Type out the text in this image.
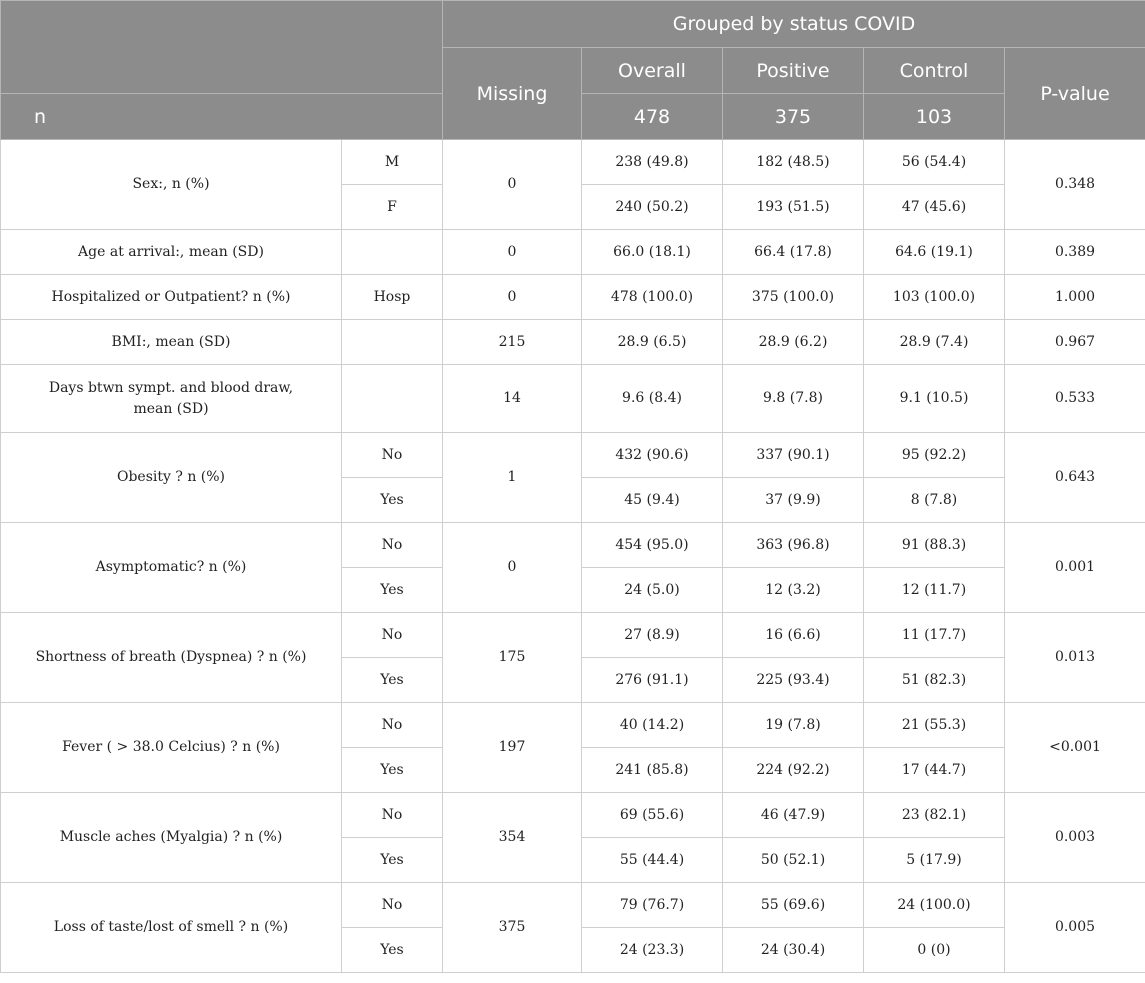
		Grouped by status COVID				
		Missing	Overall	Positive	Control	P-value
n			478	375	103	
Sex:, n (%)	M	0	238 (49.8)	182 (48.5)	56 (54.4)	0.348
	F		240 (50.2)	193 (51.5)	47 (45.6)	
Age at arrival:, mean (SD)		0	66.0 (18.1)	66.4 (17.8)	64.6 (19.1)	0.389
Hospitalized or Outpatient? n (%)	Hosp	0	478 (100.0)	375 (100.0)	103 (100.0)	1.000
BMI:, mean (SD)		215	28.9 (6.5)	28.9 (6.2)	28.9 (7.4)	0.967
Days btwn sympt. and blood draw, mean (SD)		14	9.6 (8.4)	9.8 (7.8)	9.1 (10.5)	0.533
Obesity ? n (%)	No	1	432 (90.6)	337 (90.1)	95 (92.2)	0.643
	Yes		45 (9.4)	37 (9.9)	8 (7.8)	
Asymptomatic? n (%)	No	0	454 (95.0)	363 (96.8)	91 (88.3)	0.001
	Yes		24 (5.0)	12 (3.2)	12 (11.7)	
Shortness of breath (Dyspnea) ? n (%)	No	175	27 (8.9)	16 (6.6)	11 (17.7)	0.013
	Yes		276 (91.1)	225 (93.4)	51 (82.3)	
Fever ( > 38.0 Celcius) ? n (%)	No	197	40 (14.2)	19 (7.8)	21 (55.3)	<0.001
	Yes		241 (85.8)	224 (92.2)	17 (44.7)	
Muscle aches (Myalgia) ? n (%)	No	354	69 (55.6)	46 (47.9)	23 (82.1)	0.003
	Yes		55 (44.4)	50 (52.1)	5 (17.9)	
Loss of taste/lost of smell ? n (%)	No	375	79 (76.7)	55 (69.6)	24 (100.0)	0.005
	Yes		24 (23.3)	24 (30.4)	0 (0)	
